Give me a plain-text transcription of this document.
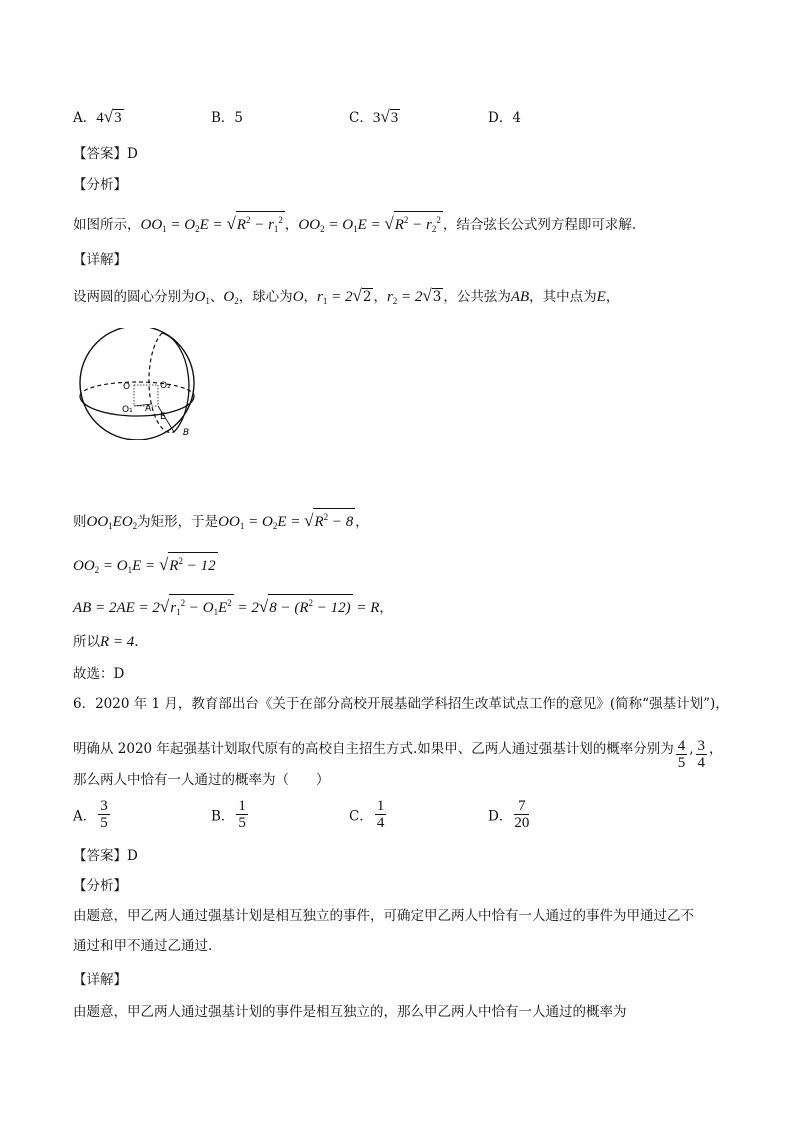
A．4√3	B．5	C．3√3	D．4
【答案】D
【分析】
如图所示，$OO_1 = O_2E = √R^2 - r_1^2$ ，$OO_2 = O_1E = √R^2 - r_2^2$ ，结合弦长公式列方程即可求解.
【详解】
设两圆的圆心分别为$O_1$、$O_2$，球心为O，$r_1 = 2√2$ ，$r_2 = 2√3$ ，公共弦为AB，其中点为E，
O	O₂
O₁ A
E
B
则$OO_1EO_2$为矩形，于是$OO_1 = O_2E = √R^2 - 8$ ，
$OO_2 = O_1E = √R^2 - 12$
AB = $2AE = 2√r_1^2 - O_1E^2 = 2√8 - (R^2 - 12) = R$，
所以R = 4.
故选：D
6．2020 年 1 月，教育部出台《关于在部分高校开展基础学科招生改革试点工作的意见》(简称“强基计划”)，
明确从 2020 年起强基计划取代原有的高校自主招生方式.如果甲、乙两人通过强基计划的概率分别为 $\frac{4}{5}$ , $\frac{3}{4}$ ，
那么两人中恰有一人通过的概率为（　　）
A． $\frac{3}{5}$	B． $\frac{1}{5}$	C． $\frac{1}{4}$	D． $\frac{7}{20}$
【答案】D
【分析】
由题意，甲乙两人通过强基计划是相互独立的事件，可确定甲乙两人中恰有一人通过的事件为甲通过乙不
通过和甲不通过乙通过.
【详解】
由题意，甲乙两人通过强基计划的事件是相互独立的，那么甲乙两人中恰有一人通过的概率为
